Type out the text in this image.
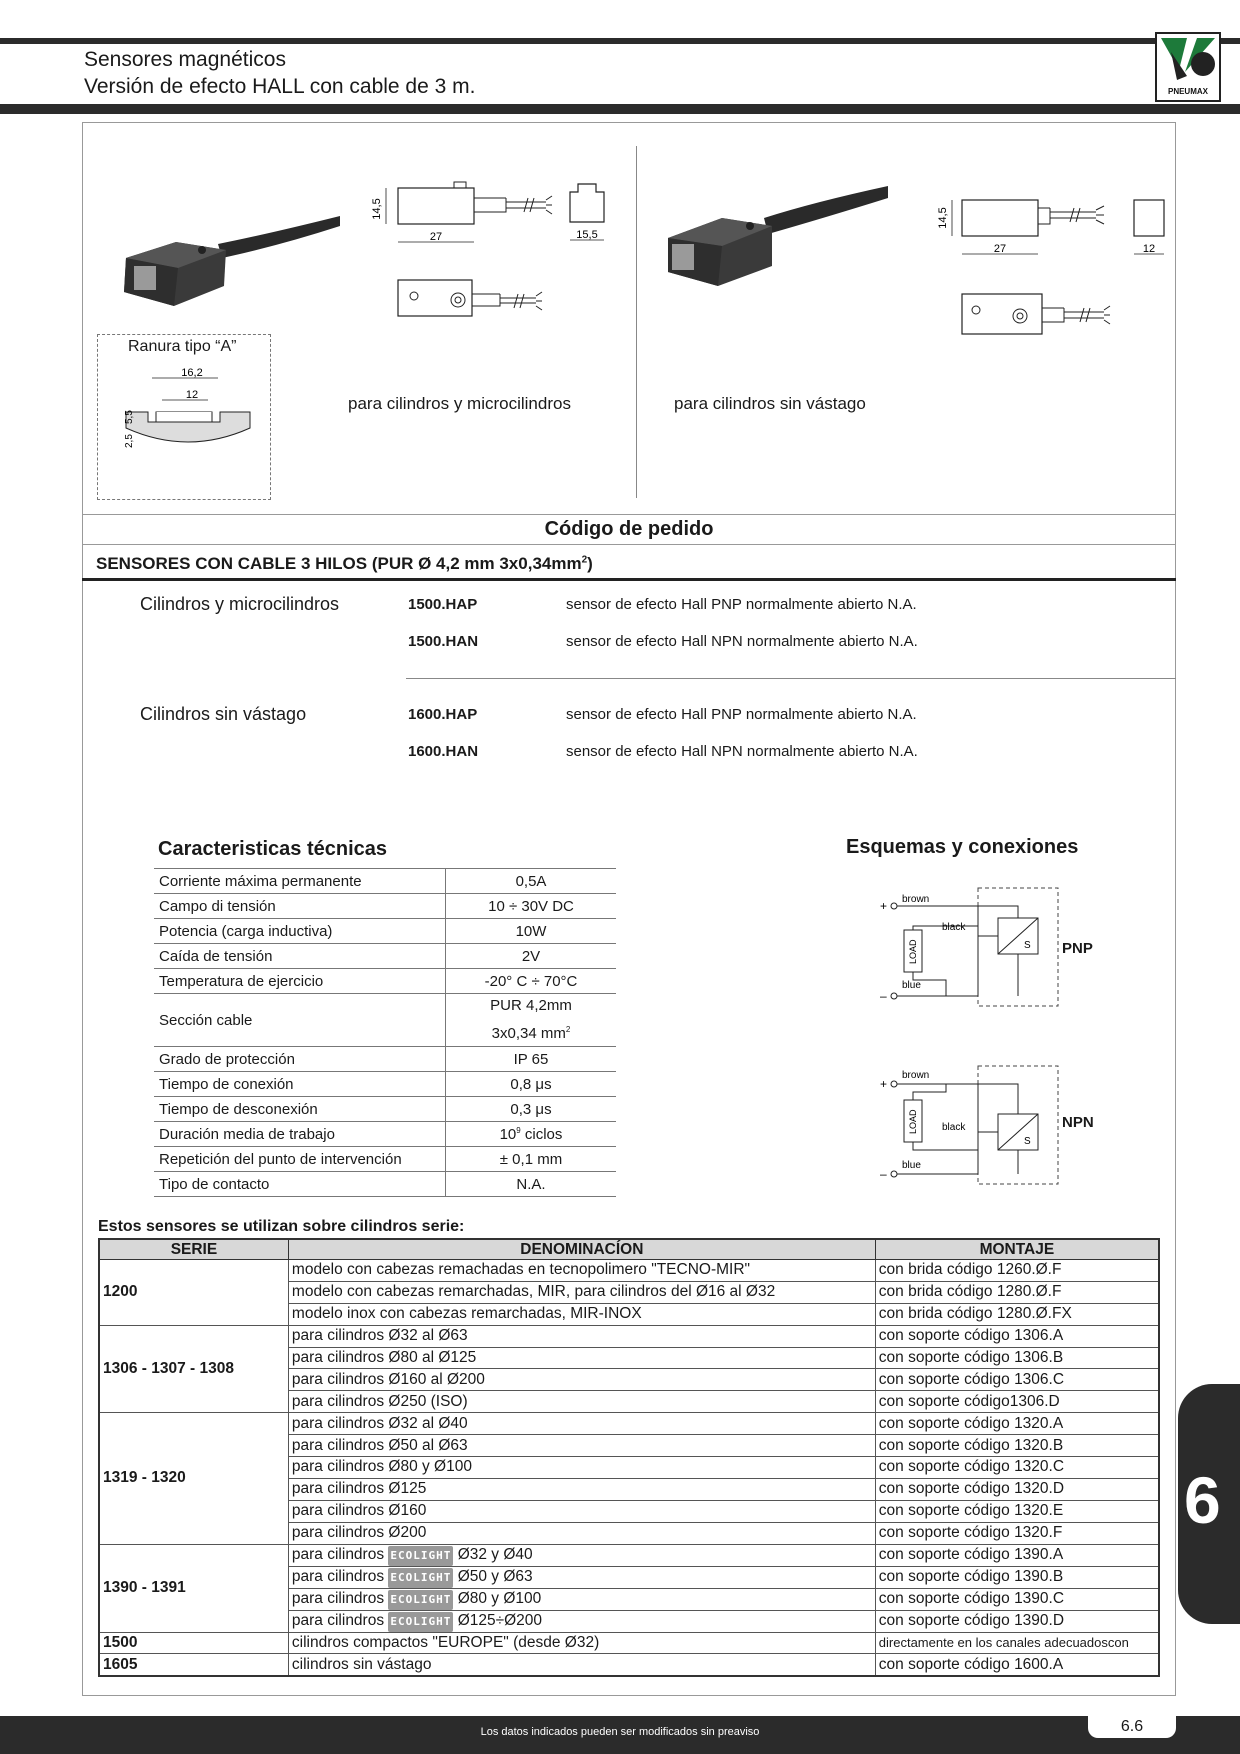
Sensores magnéticos
Versión de efecto HALL con cable de 3 m.	PNEUMAX
14,5
27	15,5
Ranura tipo “A”
16,2
12
5,5
2,5
para cilindros y microcilindros
14,5
27	12
para cilindros sin vástago
Código de pedido
SENSORES CON CABLE 3 HILOS (PUR Ø 4,2 mm $3x0,34mm^2$)
Cilindros y microcilindros	1500.HAP	sensor de efecto Hall PNP normalmente abierto N.A.
1500.HAN	sensor de efecto Hall NPN normalmente abierto N.A.
Cilindros sin vástago	1600.HAP	sensor de efecto Hall PNP normalmente abierto N.A.
1600.HAN	sensor de efecto Hall NPN normalmente abierto N.A.
Caracteristicas técnicas
Corriente máxima permanente	0,5A
Campo di tensión	10 ÷ 30V DC
Potencia (carga inductiva)	10W
Caída de tensión	2V
Temperatura de ejercicio	-20° C ÷ 70°C
Sección cable	PUR 4,2mm
3x0,34 $mm^2$
Grado de protección	IP 65
Tiempo de conexión	0,8 μs
Tiempo de desconexión	0,3 μs
Duración media de trabajo	$10^9$ ciclos
Repetición del punto de intervención	± 0,1 mm
Tipo de contacto	N.A.
Esquemas y conexiones
+ brown
–
blue
LOAD
black
S PNP
+
brown
–
blue
LOAD black
S
NPN
Estos sensores se utilizan sobre cilindros serie:
SERIE	DENOMINACÍON	MONTAJE
1200	modelo con cabezas remachadas en tecnopolimero "TECNO-MIR"	con brida código 1260.Ø.F
	modelo con cabezas remarchadas, MIR, para cilindros del Ø16 al Ø32	con brida código 1280.Ø.F
	modelo inox con cabezas remarchadas, MIR-INOX	con brida código 1280.Ø.FX
1306 - 1307 - 1308	para cilindros Ø32 al Ø63	con soporte código 1306.A
	para cilindros Ø80 al Ø125	con soporte código 1306.B
	para cilindros Ø160 al Ø200	con soporte código 1306.C
	para cilindros Ø250 (ISO)	con soporte código1306.D
1319 - 1320	para cilindros Ø32 al Ø40	con soporte código 1320.A
	para cilindros Ø50 al Ø63	con soporte código 1320.B
	para cilindros Ø80 y Ø100	con soporte código 1320.C
	para cilindros Ø125	con soporte código 1320.D
	para cilindros Ø160	con soporte código 1320.E
	para cilindros Ø200	con soporte código 1320.F
1390 - 1391	para cilindros ECOLIGHT Ø32 y Ø40	con soporte código 1390.A
	para cilindros ECOLIGHT Ø50 y Ø63	con soporte código 1390.B
	para cilindros ECOLIGHT Ø80 y Ø100	con soporte código 1390.C
	para cilindros ECOLIGHT Ø125÷Ø200	con soporte código 1390.D
1500	cilindros compactos "EUROPE" (desde Ø32)	directamente en los canales adecuadoscon
1605	cilindros sin vástago	con soporte código 1600.A
6
Los datos indicados pueden ser modificados sin preaviso	6.6
